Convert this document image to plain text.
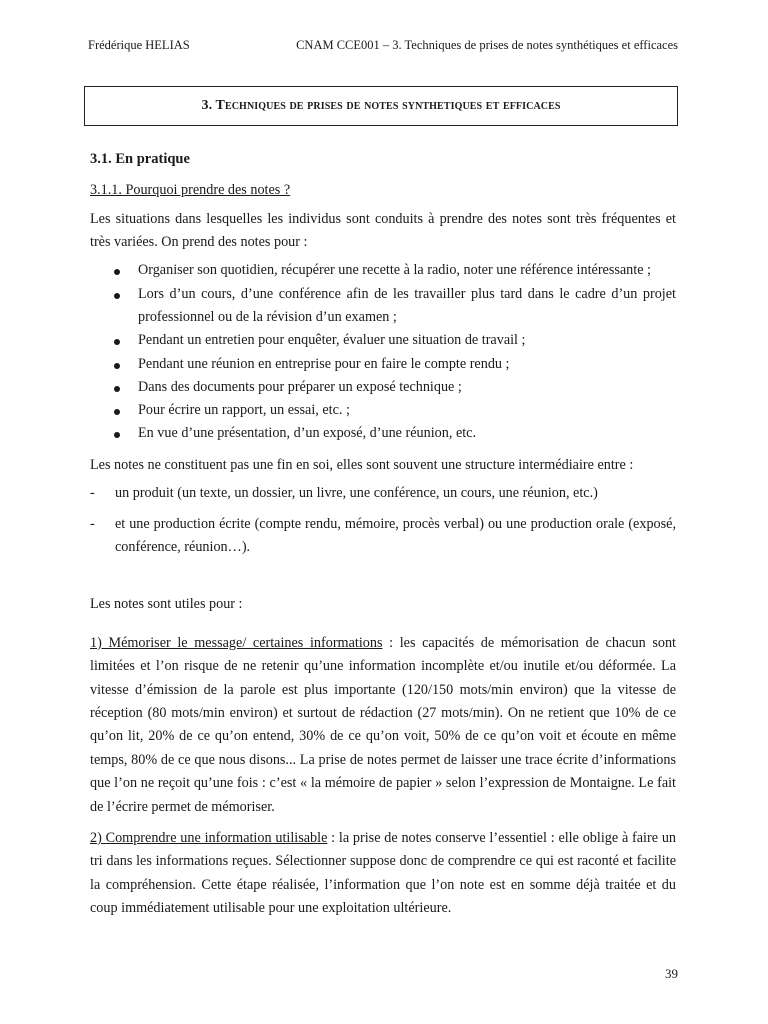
Frédérique HELIAS	CNAM CCE001 – 3. Techniques de prises de notes synthétiques et efficaces
3. Techniques de prises de notes synthetiques et efficaces

3.1. En pratique

3.1.1. Pourquoi prendre des notes ?

Les situations dans lesquelles les individus sont conduits à prendre des notes sont très fréquentes et très variées. On prend des notes pour :

Organiser son quotidien, récupérer une recette à la radio, noter une référence intéressante ;
Lors d’un cours, d’une conférence afin de les travailler plus tard dans le cadre d’un projet professionnel ou de la révision d’un examen ;
Pendant un entretien pour enquêter, évaluer une situation de travail ;
Pendant une réunion en entreprise pour en faire le compte rendu ;
Dans des documents pour préparer un exposé technique ;
Pour écrire un rapport, un essai, etc. ;
En vue d’une présentation, d’un exposé, d’une réunion, etc.

Les notes ne constituent pas une fin en soi, elles sont souvent une structure intermédiaire entre :

- un produit (un texte, un dossier, un livre, une conférence, un cours, une réunion, etc.)
- et une production écrite (compte rendu, mémoire, procès verbal) ou une production orale (exposé, conférence, réunion…).

Les notes sont utiles pour :

1) Mémoriser le message/ certaines informations : les capacités de mémorisation de chacun sont limitées et l’on risque de ne retenir qu’une information incomplète et/ou inutile et/ou déformée. La vitesse d’émission de la parole est plus importante (120/150 mots/min environ) que la vitesse de réception (80 mots/min environ) et surtout de rédaction (27 mots/min). On ne retient que 10% de ce qu’on lit, 20% de ce qu’on entend, 30% de ce qu’on voit, 50% de ce qu’on voit et écoute en même temps, 80% de ce que nous disons... La prise de notes permet de laisser une trace écrite d’informations que l’on ne reçoit qu’une fois : c’est « la mémoire de papier » selon l’expression de Montaigne. Le fait de l’écrire permet de mémoriser.

2) Comprendre une information utilisable : la prise de notes conserve l’essentiel : elle oblige à faire un tri dans les informations reçues. Sélectionner suppose donc de comprendre ce qui est raconté et facilite la compréhension. Cette étape réalisée, l’information que l’on note est en somme déjà traitée et du coup immédiatement utilisable pour une exploitation ultérieure.

39
